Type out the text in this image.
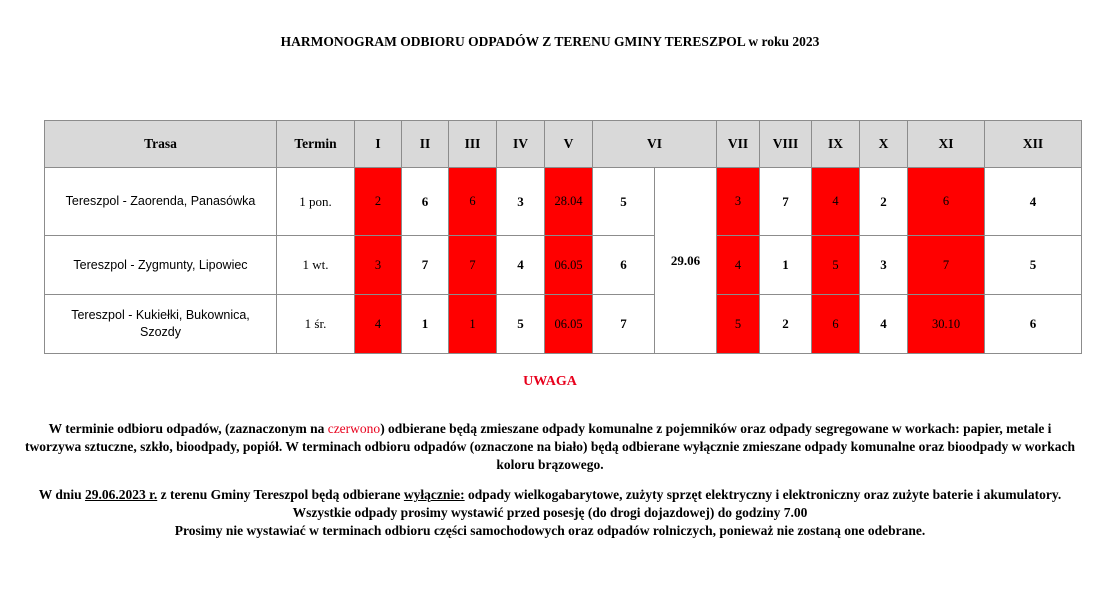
HARMONOGRAM ODBIORU ODPADÓW Z TERENU GMINY TERESZPOL w roku 2023
Trasa	Termin	I	II	III	IV	V	VI		VII	VIII	IX	X	XI	XII
Tereszpol - Zaorenda, Panasówka	1 pon.	2	6	6	3	28.04	5	29.06	3	7	4	2	6	4
Tereszpol - Zygmunty, Lipowiec	1 wt.	3	7	7	4	06.05	6		4	1	5	3	7	5
Tereszpol - Kukiełki, Bukownica, Szozdy	1 śr.	4	1	1	5	06.05	7		5	2	6	4	30.10	6
UWAGA
W terminie odbioru odpadów, (zaznaczonym na czerwono) odbierane będą zmieszane odpady komunalne z pojemników oraz odpady segregowane w workach: papier, metale i tworzywa sztuczne, szkło, bioodpady, popiół. W terminach odbioru odpadów (oznaczone na biało) będą odbierane wyłącznie zmieszane odpady komunalne oraz bioodpady w workach koloru brązowego.
W dniu 29.06.2023 r. z terenu Gminy Tereszpol będą odbierane wyłącznie: odpady wielkogabarytowe, zużyty sprzęt elektryczny i elektroniczny oraz zużyte baterie i akumulatory.
Wszystkie odpady prosimy wystawić przed posesję (do drogi dojazdowej) do godziny 7.00
Prosimy nie wystawiać w terminach odbioru części samochodowych oraz odpadów rolniczych, ponieważ nie zostaną one odebrane.
